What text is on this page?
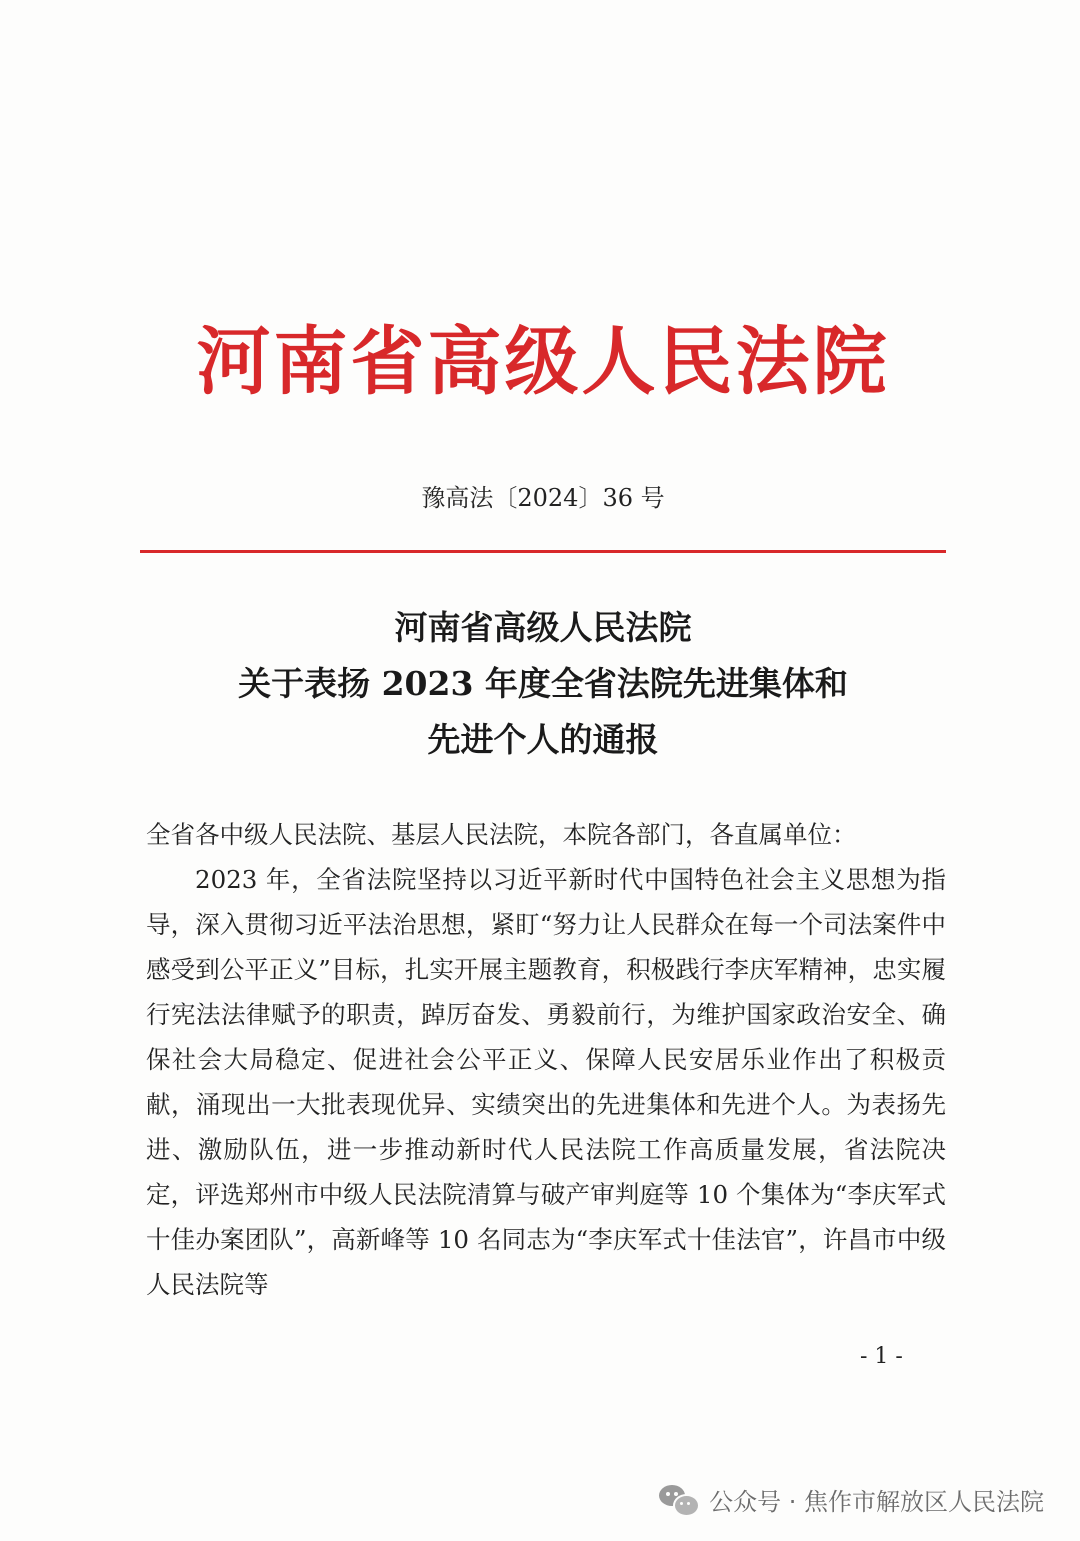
河南省高级人民法院
豫高法〔2024〕36 号
河南省高级人民法院
关于表扬 2023 年度全省法院先进集体和
先进个人的通报
全省各中级人民法院、基层人民法院，本院各部门，各直属单位：
2023 年，全省法院坚持以习近平新时代中国特色社会主义思想为指导，深入贯彻习近平法治思想，紧盯“努力让人民群众在每一个司法案件中感受到公平正义”目标，扎实开展主题教育，积极践行李庆军精神，忠实履行宪法法律赋予的职责，踔厉奋发、勇毅前行，为维护国家政治安全、确保社会大局稳定、促进社会公平正义、保障人民安居乐业作出了积极贡献，涌现出一大批表现优异、实绩突出的先进集体和先进个人。为表扬先进、激励队伍，进一步推动新时代人民法院工作高质量发展，省法院决定，评选郑州市中级人民法院清算与破产审判庭等 10 个集体为“李庆军式十佳办案团队”，高新峰等 10 名同志为“李庆军式十佳法官”，许昌市中级人民法院等
- 1 -
公众号 · 焦作市解放区人民法院
